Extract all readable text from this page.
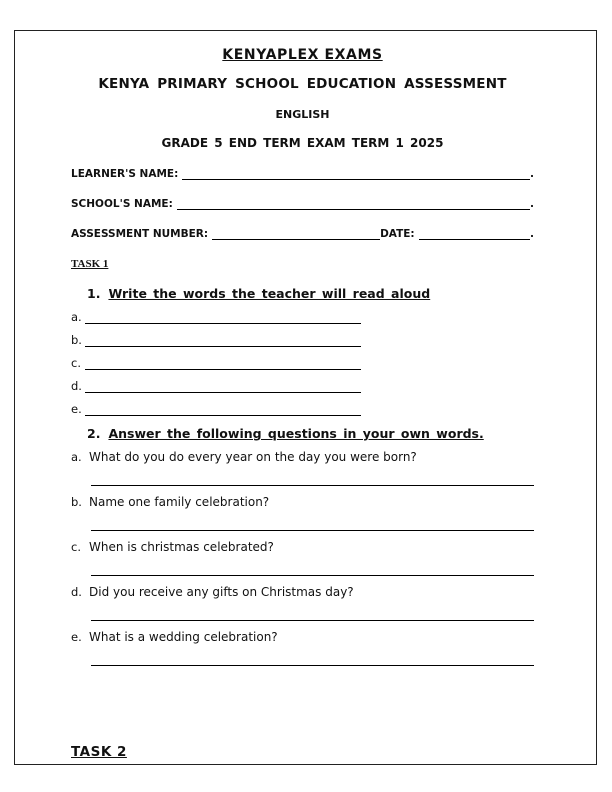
KENYAPLEX EXAMS
KENYA PRIMARY SCHOOL EDUCATION ASSESSMENT
ENGLISH
GRADE 5 END TERM EXAM TERM 1 2025
LEARNER'S NAME:	.
SCHOOL'S NAME:	.
ASSESSMENT NUMBER:	DATE:	.
TASK 1
1. Write the words the teacher will read aloud
a.
b.
c.
d.
e.
2. Answer the following questions in your own words.
a. What do you do every year on the day you were born?
b. Name one family celebration?
c. When is christmas celebrated?
d. Did you receive any gifts on Christmas day?
e. What is a wedding celebration?
TASK 2
